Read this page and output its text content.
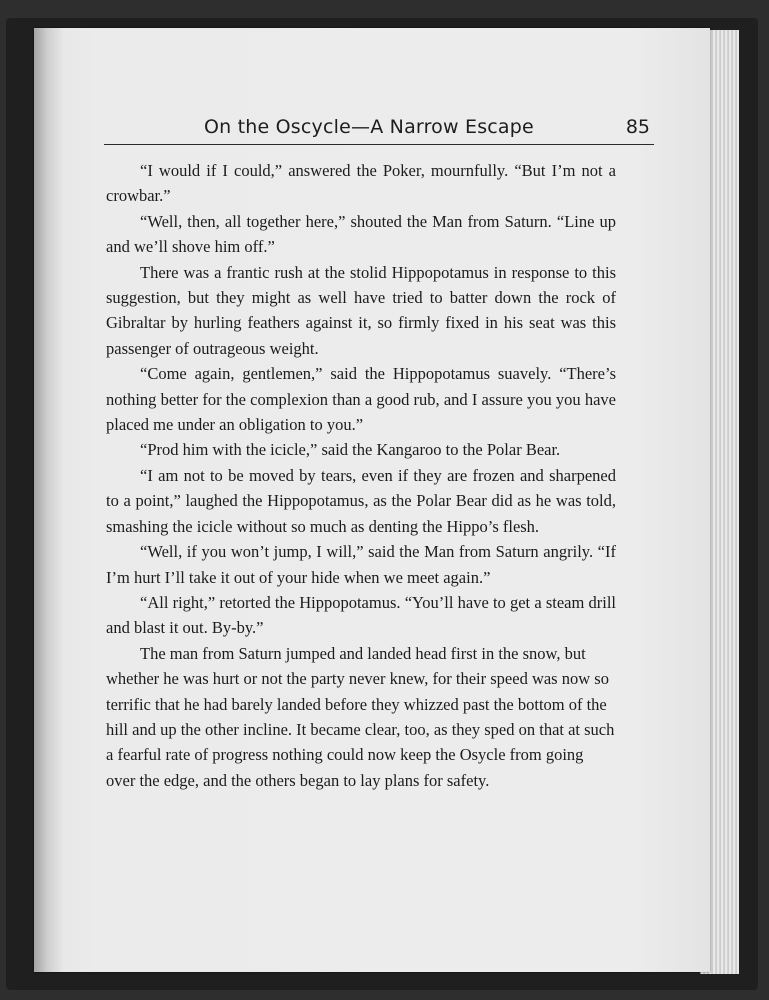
On the Oscycle—A Narrow Escape	85

“I would if I could,” answered the Poker, mournfully. “But I’m not a crowbar.”

“Well, then, all together here,” shouted the Man from Saturn. “Line up and we’ll shove him off.”

There was a frantic rush at the stolid Hippopotamus in response to this suggestion, but they might as well have tried to batter down the rock of Gibraltar by hurling feathers against it, so firmly fixed in his seat was this passenger of outrageous weight.

“Come again, gentlemen,” said the Hippopotamus suavely. “There’s nothing better for the complexion than a good rub, and I assure you you have placed me under an obligation to you.”

“Prod him with the icicle,” said the Kangaroo to the Polar Bear.

“I am not to be moved by tears, even if they are frozen and sharpened to a point,” laughed the Hippopotamus, as the Polar Bear did as he was told, smashing the icicle without so much as denting the Hippo’s flesh.

“Well, if you won’t jump, I will,” said the Man from Saturn angrily. “If I’m hurt I’ll take it out of your hide when we meet again.”

“All right,” retorted the Hippopotamus. “You’ll have to get a steam drill and blast it out. By-by.”

The man from Saturn jumped and landed head first in the snow, but whether he was hurt or not the party never knew, for their speed was now so terrific that he had barely landed before they whizzed past the bottom of the hill and up the other incline. It became clear, too, as they sped on that at such a fearful rate of progress nothing could now keep the Osycle from going over the edge, and the others began to lay plans for safety.
